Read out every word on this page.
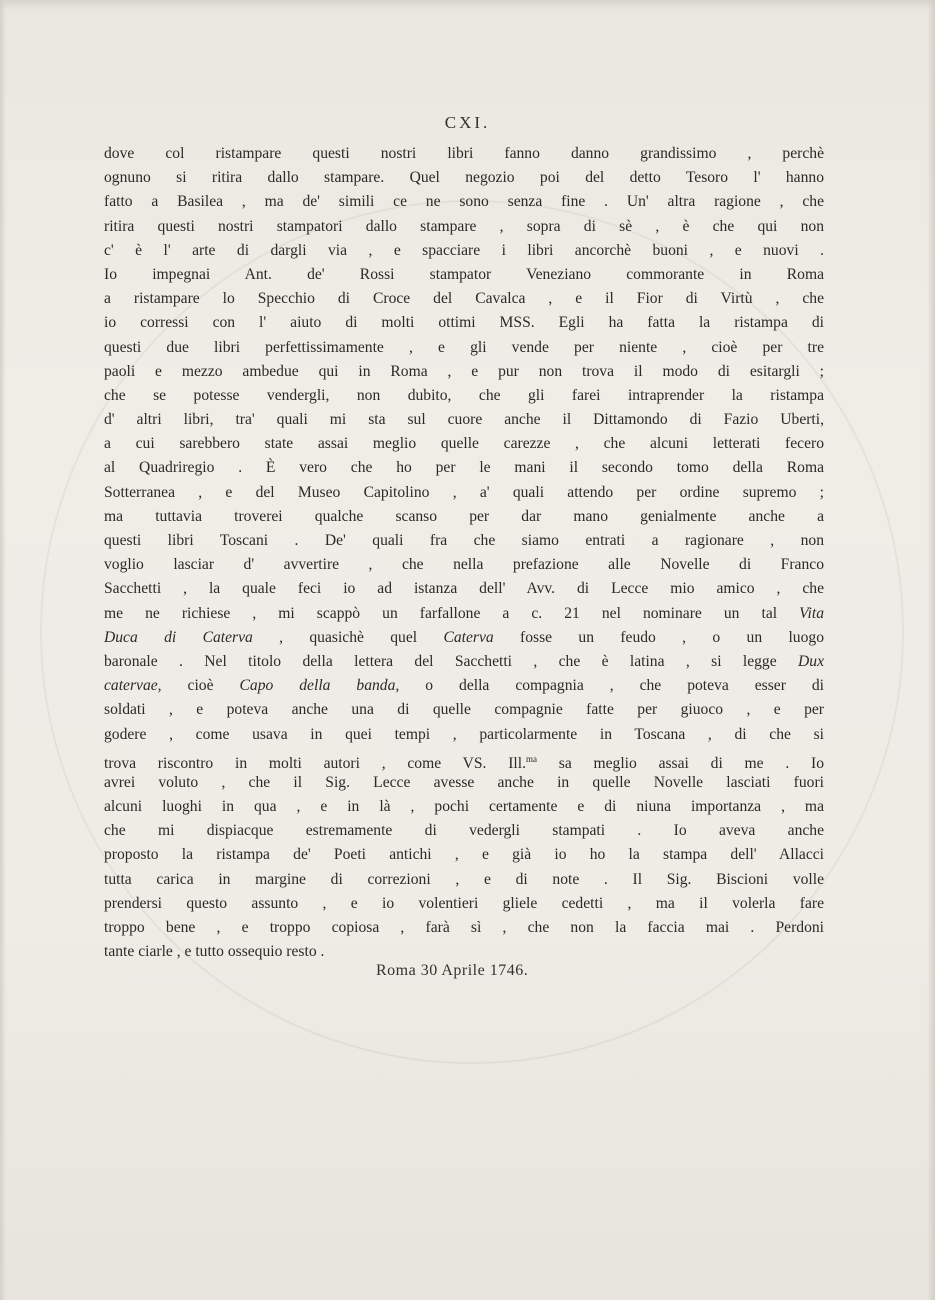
CXI.
dove col ristampare questi nostri libri fanno danno grandissimo , perchè
ognuno si ritira dallo stampare. Quel negozio poi del detto Tesoro l' hanno
fatto a Basilea , ma de' simili ce ne sono senza fine . Un' altra ragione , che
ritira questi nostri stampatori dallo stampare , sopra di sè , è che qui non
c' è l' arte di dargli via , e spacciare i libri ancorchè buoni , e nuovi .
Io impegnai Ant. de' Rossi stampator Veneziano commorante in Roma
a ristampare lo Specchio di Croce del Cavalca , e il Fior di Virtù , che
io corressi con l' aiuto di molti ottimi MSS. Egli ha fatta la ristampa di
questi due libri perfettissimamente , e gli vende per niente , cioè per tre
paoli e mezzo ambedue qui in Roma , e pur non trova il modo di esitargli ;
che se potesse vendergli, non dubito, che gli farei intraprender la ristampa
d' altri libri, tra' quali mi sta sul cuore anche il Dittamondo di Fazio Uberti,
a cui sarebbero state assai meglio quelle carezze , che alcuni letterati fecero
al Quadriregio . È vero che ho per le mani il secondo tomo della Roma
Sotterranea , e del Museo Capitolino , a' quali attendo per ordine supremo ;
ma tuttavia troverei qualche scanso per dar mano genialmente anche a
questi libri Toscani . De' quali fra che siamo entrati a ragionare , non
voglio lasciar d' avvertire , che nella prefazione alle Novelle di Franco
Sacchetti , la quale feci io ad istanza dell' Avv. di Lecce mio amico , che
me ne richiese , mi scappò un farfallone a c. 21 nel nominare un tal Vita
Duca di Caterva , quasichè quel Caterva fosse un feudo , o un luogo
baronale . Nel titolo della lettera del Sacchetti , che è latina , si legge Dux
catervae, cioè Capo della banda, o della compagnia , che poteva esser di
soldati , e poteva anche una di quelle compagnie fatte per giuoco , e per
godere , come usava in quei tempi , particolarmente in Toscana , di che si
trova riscontro in molti autori , come VS. Ill.$^{ma}$ sa meglio assai di me . Io
avrei voluto , che il Sig. Lecce avesse anche in quelle Novelle lasciati fuori
alcuni luoghi in qua , e in là , pochi certamente e di niuna importanza , ma
che mi dispiacque estremamente di vedergli stampati . Io aveva anche
proposto la ristampa de' Poeti antichi , e già io ho la stampa dell' Allacci
tutta carica in margine di correzioni , e di note . Il Sig. Biscioni volle
prendersi questo assunto , e io volentieri gliele cedetti , ma il volerla fare
troppo bene , e troppo copiosa , farà sì , che non la faccia mai . Perdoni
tante ciarle , e tutto ossequio resto .
Roma 30 Aprile 1746.
